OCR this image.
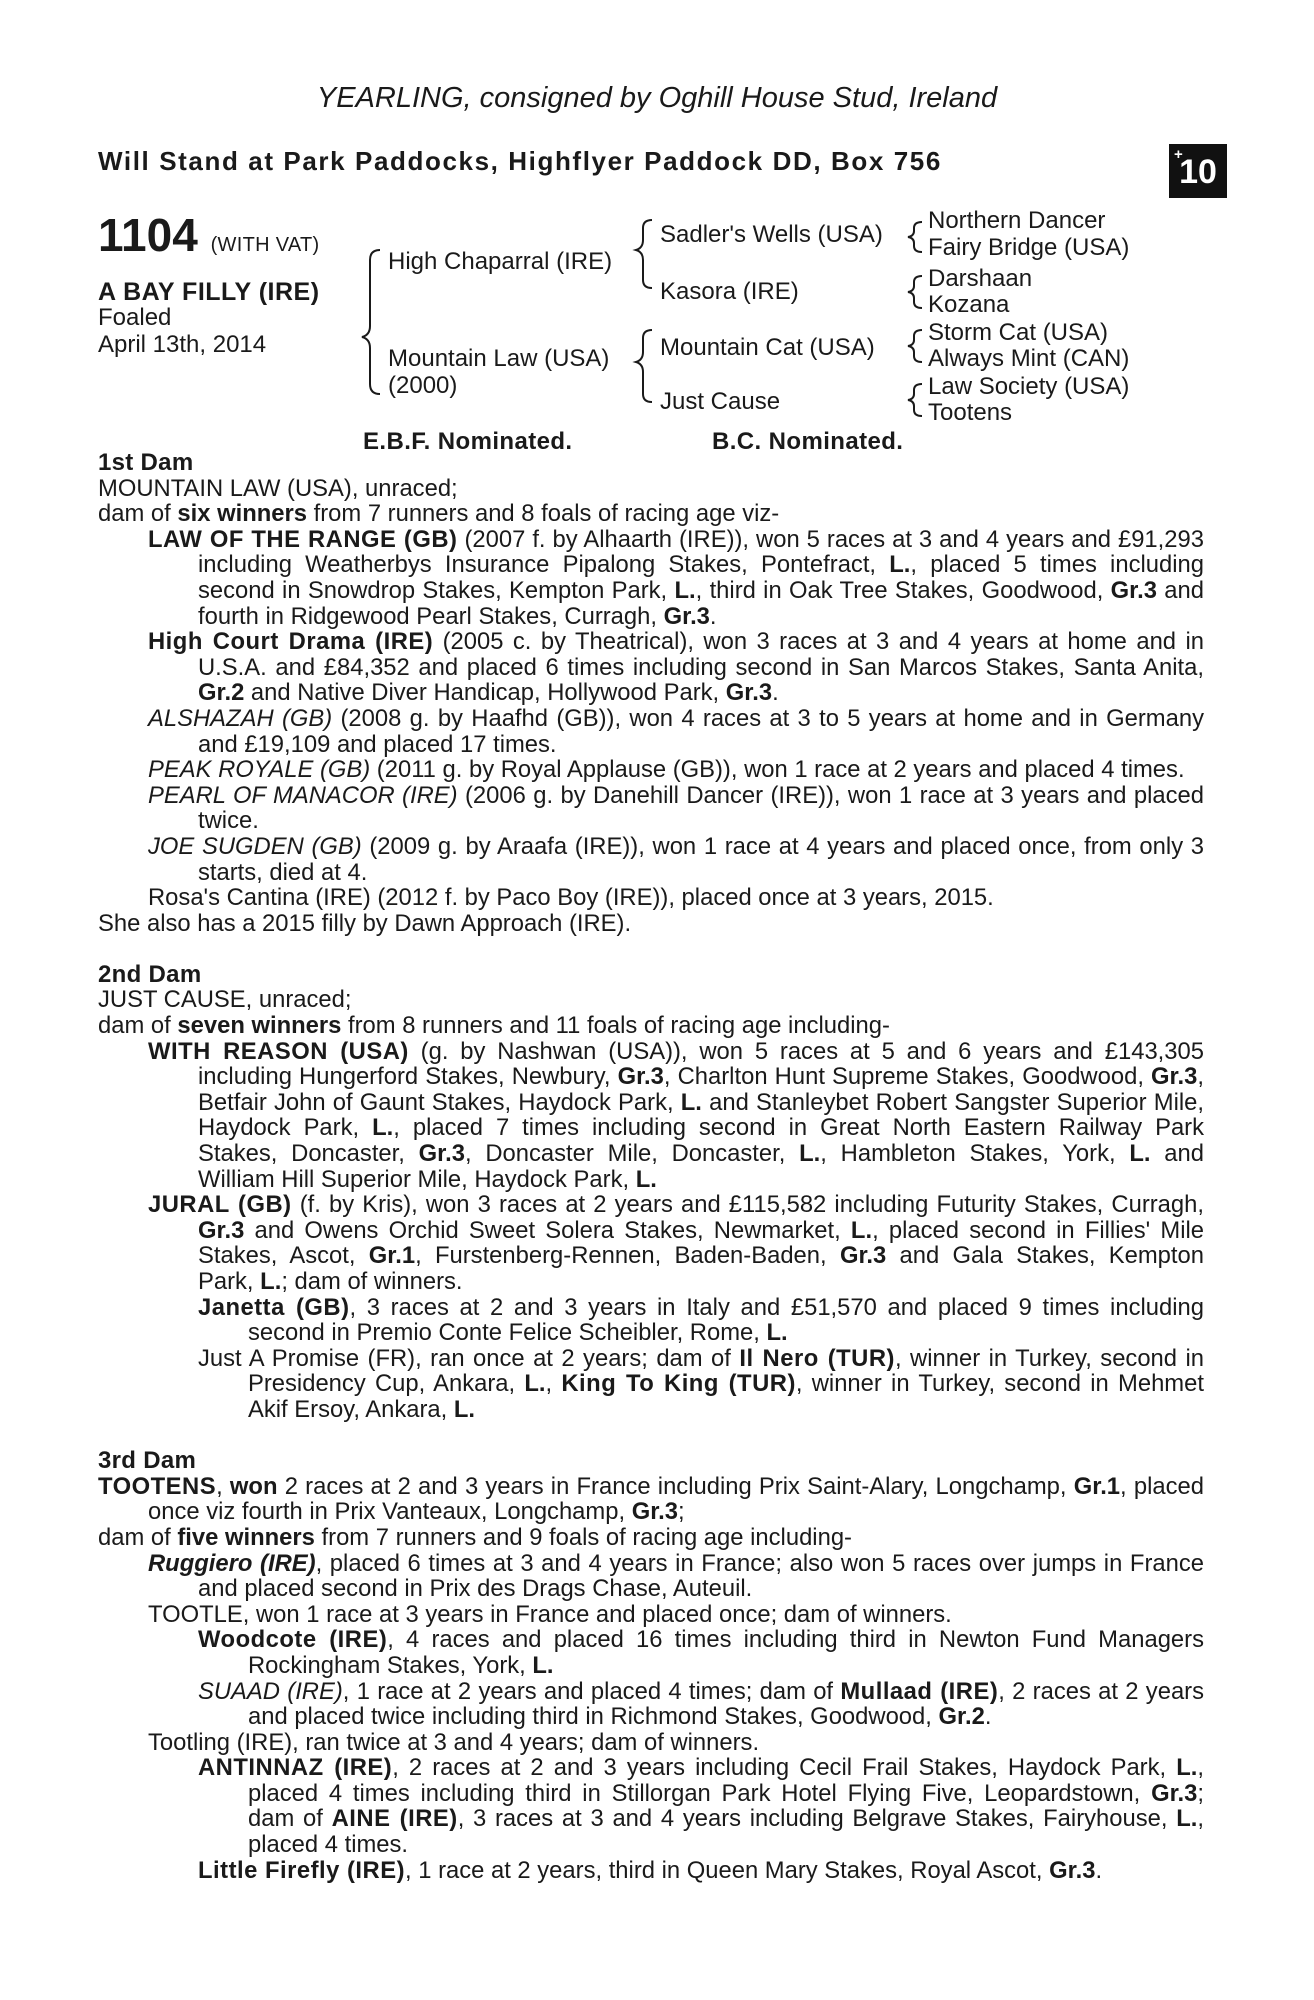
YEARLING, consigned by Oghill House Stud, Ireland
Will Stand at Park Paddocks, Highflyer Paddock DD, Box 756	+
10
1104 (WITH VAT)
A BAY FILLY (IRE)
Foaled
April 13th, 2014
High Chaparral (IRE)
Mountain Law (USA)
(2000)
Sadler's Wells (USA)
Kasora (IRE)
Mountain Cat (USA)
Just Cause
Northern Dancer
Fairy Bridge (USA)
Darshaan
Kozana
Storm Cat (USA)
Always Mint (CAN)
Law Society (USA)
Tootens
E.B.F. Nominated.	B.C. Nominated.

1st Dam

MOUNTAIN LAW (USA), unraced;

dam of six winners from 7 runners and 8 foals of racing age viz-

LAW OF THE RANGE (GB) (2007 f. by Alhaarth (IRE)), won 5 races at 3 and 4 years and £91,293 including Weatherbys Insurance Pipalong Stakes, Pontefract, L., placed 5 times including second in Snowdrop Stakes, Kempton Park, L., third in Oak Tree Stakes, Goodwood, Gr.3 and fourth in Ridgewood Pearl Stakes, Curragh, Gr.3.

High Court Drama (IRE) (2005 c. by Theatrical), won 3 races at 3 and 4 years at home and in U.S.A. and £84,352 and placed 6 times including second in San Marcos Stakes, Santa Anita, Gr.2 and Native Diver Handicap, Hollywood Park, Gr.3.

ALSHAZAH (GB) (2008 g. by Haafhd (GB)), won 4 races at 3 to 5 years at home and in Germany and £19,109 and placed 17 times.

PEAK ROYALE (GB) (2011 g. by Royal Applause (GB)), won 1 race at 2 years and placed 4 times.

PEARL OF MANACOR (IRE) (2006 g. by Danehill Dancer (IRE)), won 1 race at 3 years and placed twice.

JOE SUGDEN (GB) (2009 g. by Araafa (IRE)), won 1 race at 4 years and placed once, from only 3 starts, died at 4.

Rosa's Cantina (IRE) (2012 f. by Paco Boy (IRE)), placed once at 3 years, 2015.

She also has a 2015 filly by Dawn Approach (IRE).

2nd Dam

JUST CAUSE, unraced;

dam of seven winners from 8 runners and 11 foals of racing age including-

WITH REASON (USA) (g. by Nashwan (USA)), won 5 races at 5 and 6 years and £143,305 including Hungerford Stakes, Newbury, Gr.3, Charlton Hunt Supreme Stakes, Goodwood, Gr.3, Betfair John of Gaunt Stakes, Haydock Park, L. and Stanleybet Robert Sangster Superior Mile, Haydock Park, L., placed 7 times including second in Great North Eastern Railway Park Stakes, Doncaster, Gr.3, Doncaster Mile, Doncaster, L., Hambleton Stakes, York, L. and William Hill Superior Mile, Haydock Park, L.

JURAL (GB) (f. by Kris), won 3 races at 2 years and £115,582 including Futurity Stakes, Curragh, Gr.3 and Owens Orchid Sweet Solera Stakes, Newmarket, L., placed second in Fillies' Mile Stakes, Ascot, Gr.1, Furstenberg-Rennen, Baden-Baden, Gr.3 and Gala Stakes, Kempton Park, L.; dam of winners.

Janetta (GB), 3 races at 2 and 3 years in Italy and £51,570 and placed 9 times including second in Premio Conte Felice Scheibler, Rome, L.

Just A Promise (FR), ran once at 2 years; dam of Il Nero (TUR), winner in Turkey, second in Presidency Cup, Ankara, L., King To King (TUR), winner in Turkey, second in Mehmet Akif Ersoy, Ankara, L.

3rd Dam

TOOTENS, won 2 races at 2 and 3 years in France including Prix Saint-Alary, Longchamp, Gr.1, placed once viz fourth in Prix Vanteaux, Longchamp, Gr.3;

dam of five winners from 7 runners and 9 foals of racing age including-

Ruggiero (IRE), placed 6 times at 3 and 4 years in France; also won 5 races over jumps in France and placed second in Prix des Drags Chase, Auteuil.

TOOTLE, won 1 race at 3 years in France and placed once; dam of winners.

Woodcote (IRE), 4 races and placed 16 times including third in Newton Fund Managers Rockingham Stakes, York, L.

SUAAD (IRE), 1 race at 2 years and placed 4 times; dam of Mullaad (IRE), 2 races at 2 years and placed twice including third in Richmond Stakes, Goodwood, Gr.2.

Tootling (IRE), ran twice at 3 and 4 years; dam of winners.

ANTINNAZ (IRE), 2 races at 2 and 3 years including Cecil Frail Stakes, Haydock Park, L., placed 4 times including third in Stillorgan Park Hotel Flying Five, Leopardstown, Gr.3; dam of AINE (IRE), 3 races at 3 and 4 years including Belgrave Stakes, Fairyhouse, L., placed 4 times.

Little Firefly (IRE), 1 race at 2 years, third in Queen Mary Stakes, Royal Ascot, Gr.3.
